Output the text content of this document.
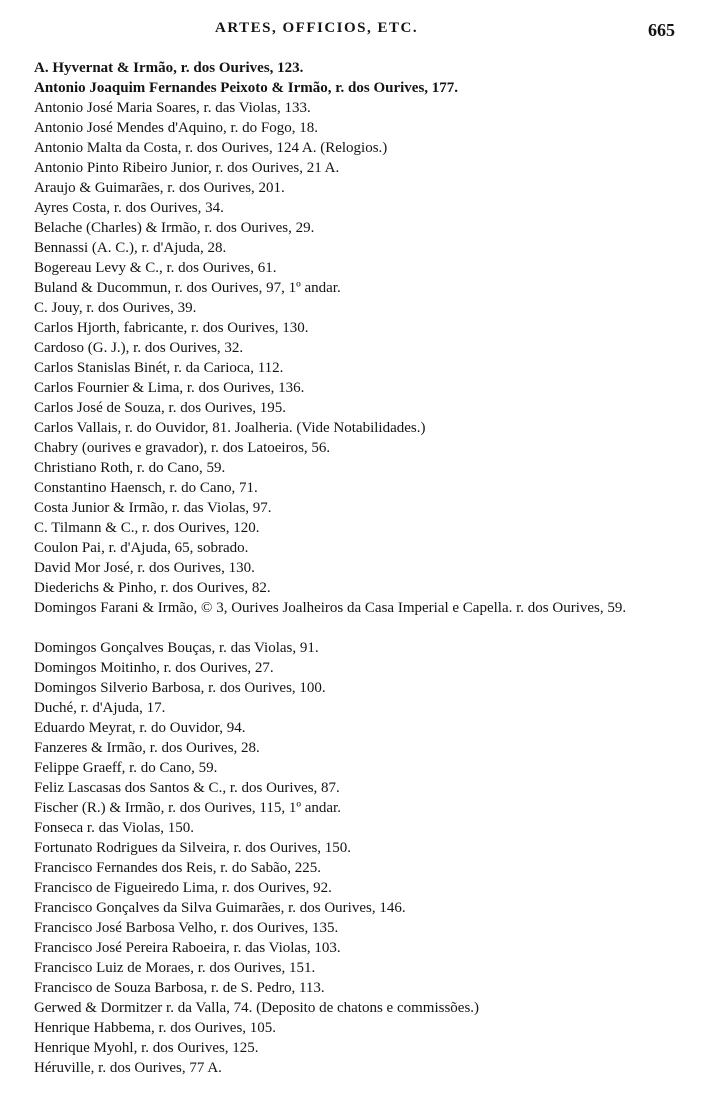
ARTES, OFFICIOS, ETC.	665
A. Hyvernat & Irmão, r. dos Ourives, 123.
Antonio Joaquim Fernandes Peixoto & Irmão, r. dos Ourives, 177.
Antonio José Maria Soares, r. das Violas, 133.
Antonio José Mendes d'Aquino, r. do Fogo, 18.
Antonio Malta da Costa, r. dos Ourives, 124 A. (Relogios.)
Antonio Pinto Ribeiro Junior, r. dos Ourives, 21 A.
Araujo & Guimarães, r. dos Ourives, 201.
Ayres Costa, r. dos Ourives, 34.
Belache (Charles) & Irmão, r. dos Ourives, 29.
Bennassi (A. C.), r. d'Ajuda, 28.
Bogereau Levy & C., r. dos Ourives, 61.
Buland & Ducommun, r. dos Ourives, 97, 1º andar.
C. Jouy, r. dos Ourives, 39.
Carlos Hjorth, fabricante, r. dos Ourives, 130.
Cardoso (G. J.), r. dos Ourives, 32.
Carlos Stanislas Binét, r. da Carioca, 112.
Carlos Fournier & Lima, r. dos Ourives, 136.
Carlos José de Souza, r. dos Ourives, 195.
Carlos Vallais, r. do Ouvidor, 81. Joalheria. (Vide Notabilidades.)
Chabry (ourives e gravador), r. dos Latoeiros, 56.
Christiano Roth, r. do Cano, 59.
Constantino Haensch, r. do Cano, 71.
Costa Junior & Irmão, r. das Violas, 97.
C. Tilmann & C., r. dos Ourives, 120.
Coulon Pai, r. d'Ajuda, 65, sobrado.
David Mor José, r. dos Ourives, 130.
Diederichs & Pinho, r. dos Ourives, 82.
Domingos Farani & Irmão, © 3, Ourives Joalheiros da Casa Imperial e Capella. r. dos Ourives, 59.
Domingos Gonçalves Bouças, r. das Violas, 91.
Domingos Moitinho, r. dos Ourives, 27.
Domingos Silverio Barbosa, r. dos Ourives, 100.
Duché, r. d'Ajuda, 17.
Eduardo Meyrat, r. do Ouvidor, 94.
Fanzeres & Irmão, r. dos Ourives, 28.
Felippe Graeff, r. do Cano, 59.
Feliz Lascasas dos Santos & C., r. dos Ourives, 87.
Fischer (R.) & Irmão, r. dos Ourives, 115, 1º andar.
Fonseca r. das Violas, 150.
Fortunato Rodrigues da Silveira, r. dos Ourives, 150.
Francisco Fernandes dos Reis, r. do Sabão, 225.
Francisco de Figueiredo Lima, r. dos Ourives, 92.
Francisco Gonçalves da Silva Guimarães, r. dos Ourives, 146.
Francisco José Barbosa Velho, r. dos Ourives, 135.
Francisco José Pereira Raboeira, r. das Violas, 103.
Francisco Luiz de Moraes, r. dos Ourives, 151.
Francisco de Souza Barbosa, r. de S. Pedro, 113.
Gerwed & Dormitzer r. da Valla, 74. (Deposito de chatons e commissões.)
Henrique Habbema, r. dos Ourives, 105.
Henrique Myohl, r. dos Ourives, 125.
Héruville, r. dos Ourives, 77 A.
